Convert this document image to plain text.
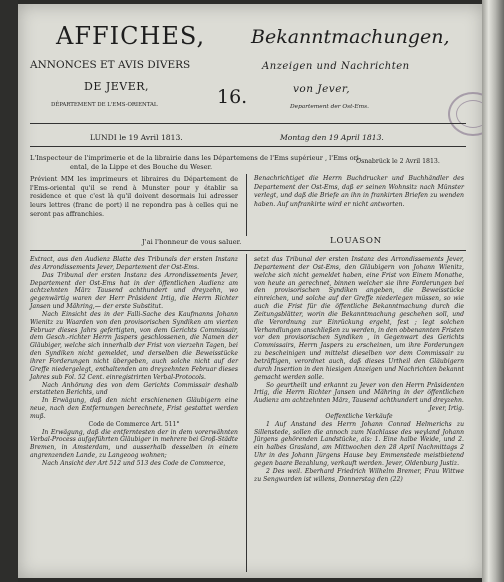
AFFICHES,
ANNONCES ET AVIS DIVERS
DE JEVER,
DÉPARTEMENT DE L'EMS-ORIENTAL	16.
Bekanntmachungen,
Anzeigen und Nachrichten
von Jever,
Departement der Ost-Ems.
LUNDI le 19 Avril 1813.	Montag den 19 April 1813.
L'Inspecteur de l'imprimerie et de la librairie dans les Départemens de l'Ems supérieur , l'Ems ori-
ental, de la Lippe et des Bouche du Weser.
Osnabrück le 2 Avril 1813.
Prévient MM les imprimeurs et libraires du Département de l'Ems-oriental qu'il se rend à Munster pour y établir sa residence et que c'est là qu'il doivent desormais lui adresser leurs lettres (franc de port) il ne repondra pas à celles qui ne seront pas affranchies.
Benachrichtiget die Herrn Buchdrucker und Buchhändler des Departement der Ost-Ems, daß er seinen Wohnsitz nach Münster verlegt, und daß die Briefe an ihn in frankirten Briefen zu wenden haben. Auf unfrankirte wird er nicht antworten.
J'ai l'honneur de vous saluer.	LOUASON
Extract, aus den Audienz Blatte des Tribunals der ersten Instanz des Arrondissements Jever, Departement der Ost-Ems.
Das Tribunal der ersten Instanz des Arrondissements Jever, Departement der Ost-Ems hat in der öffentlichen Audienz am achtzehnten März Tausend achthundert und dreyzehn, wo gegenwärtig waren der Herr Präsident Irtig, die Herrn Richter Jansen und Mähring,— der erste Substitut.
Nach Einsicht des in der Falli-Sache des Kaufmanns Johann Wienitz zu Waarden von den provisorischen Syndiken am vierten Februar dieses Jahrs gefertigten, von dem Gerichts Commissair, dem Gesch.-richter Herrn Jaspers geschlossenen, die Namen der Gläubiger, welche sich innerhalb der Frist von vierzehn Tagen, bei den Syndiken nicht gemeldet, und derselben die Beweisstücke ihrer Forderungen nicht übergeben, auch solche nicht auf der Greffe niedergelegt, enthaltenden am dreyzehnten Februar dieses Jahres sub Fol. 52 Cent. einregistrirten Verbal-Protocols.
Nach Anhörung des von dem Gerichts Commissair deshalb erstatteten Berichts, und
In Erwägung, daß den nicht erschienenen Gläubigern eine neue, nach den Entfernungen berechnete, Frist gestattet werden muß.
Code de Commerce Art. 511°
In Erwägung, daß die entferntesten der in dem vorerwähnten Verbal-Process aufgeführten Gläubiger in mehrere bei Groß-Städte Bremen, in Amsterdam, und ausserhalb desselben in einem angrenzenden Lande, zu Langeoog wohnen;
Nach Ansicht der Art 512 und 513 des Code de Commerce,
setzt das Tribunal der ersten Instanz des Arrondissements Jever, Departement der Ost-Ems, den Gläubigern von Johann Wienitz, welche sich nicht gemeldet haben, eine Frist von Einem Monathe, von heute an gerechnet, binnen welcher sie ihre Forderungen bei den provisorischen Syndiken angeben, die Beweisstücke einreichen, und solche auf der Greffe niederlegen müssen, so wie auch die Frist für die öffentliche Bekanntmachung durch die Zeitungsblätter, worin die Bekanntmachung geschehen soll, und die Verordnung zur Einrückung ergeht, fest ; legt solchen Verhandlungen anschließen zu werden, in den obbenannten Fristen vor den provisorischen Syndiken , in Gegenwart des Gerichts Commissairs, Herrn Jaspers zu erscheinen, um ihre Forderungen zu bescheinigen und mittelst dieselben vor dem Commissair zu beträftigen, verordnet auch, daß dieses Urtheil den Gläubigern durch Insertion in den hiesigen Anzeigen und Nachrichten bekannt gemacht werden solle.
So geurtheilt und erkannt zu Jever von den Herrn Präsidenten Irtig, die Herrn Richter Jansen und Mähring in der öffentlichen Audienz am achtzehnten März, Tausend achthundert und dreyzehn.
Jever, Irtig.
Oeffentliche Verkäufe
1 Auf Anstand des Herrn Johann Conrad Helmerichs zu Sillenstede, sollen die annoch zum Nachlasse des weyland Johann Jürgens gehörenden Landstücke, als: 1. Eine halbe Weide, und 2. ein halbes Grasland, am Mittwochen den 28 April Nachmittags 2 Uhr in des Johann Jürgens Hause bey Emmenstede meistbietend gegen baare Bezahlung, verkauft werden. Jever, Oldenburg Justiz.
2 Des weil. Eberhard Friedrich Wilhelm Bremer, Frau Wittwe zu Sengwarden ist willens, Donnerstag den (22)
